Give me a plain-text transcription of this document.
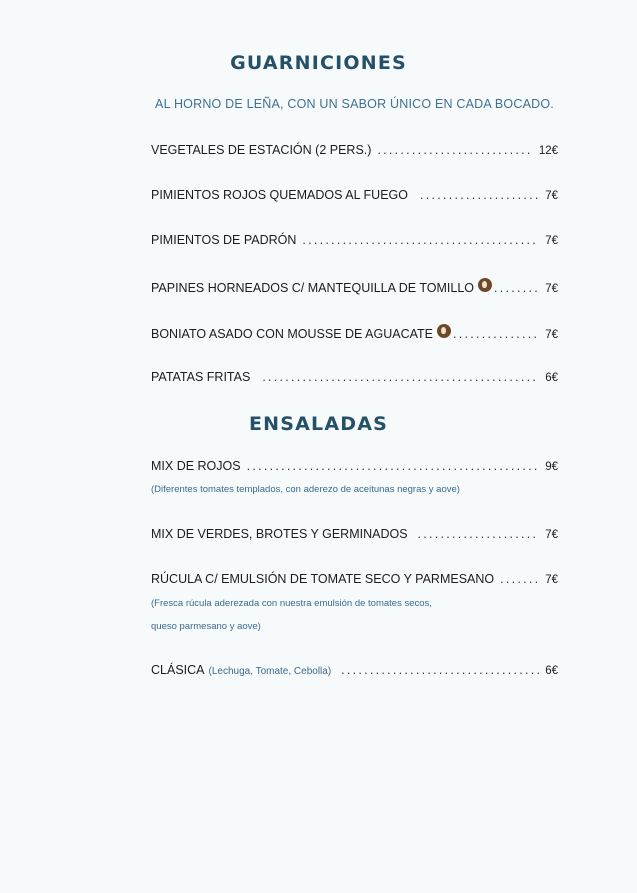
GUARNICIONES
AL HORNO DE LEÑA, CON UN SABOR ÚNICO EN CADA BOCADO.
VEGETALES DE ESTACIÓN (2 PERS.) . . .	12€
PIMIENTOS ROJOS QUEMADOS AL FUEGO . . .	7€
PIMIENTOS DE PADRÓN . . .	7€
PAPINES HORNEADOS C/ MANTEQUILLA DE TOMILLO . . .	7€
BONIATO ASADO CON MOUSSE DE AGUACATE . . .	7€
PATATAS FRITAS . . .	6€
ENSALADAS
MIX DE ROJOS . . .	9€
(Diferentes tomates templados, con aderezo de aceitunas negras y aove)
MIX DE VERDES, BROTES Y GERMINADOS . . .	7€
RÚCULA C/ EMULSIÓN DE TOMATE SECO Y PARMESANO . . .	7€
(Fresca rúcula aderezada con nuestra emulsión de tomates secos,
queso parmesano y aove)
CLÁSICA (Lechuga, Tomate, Cebolla) . . .	6€
